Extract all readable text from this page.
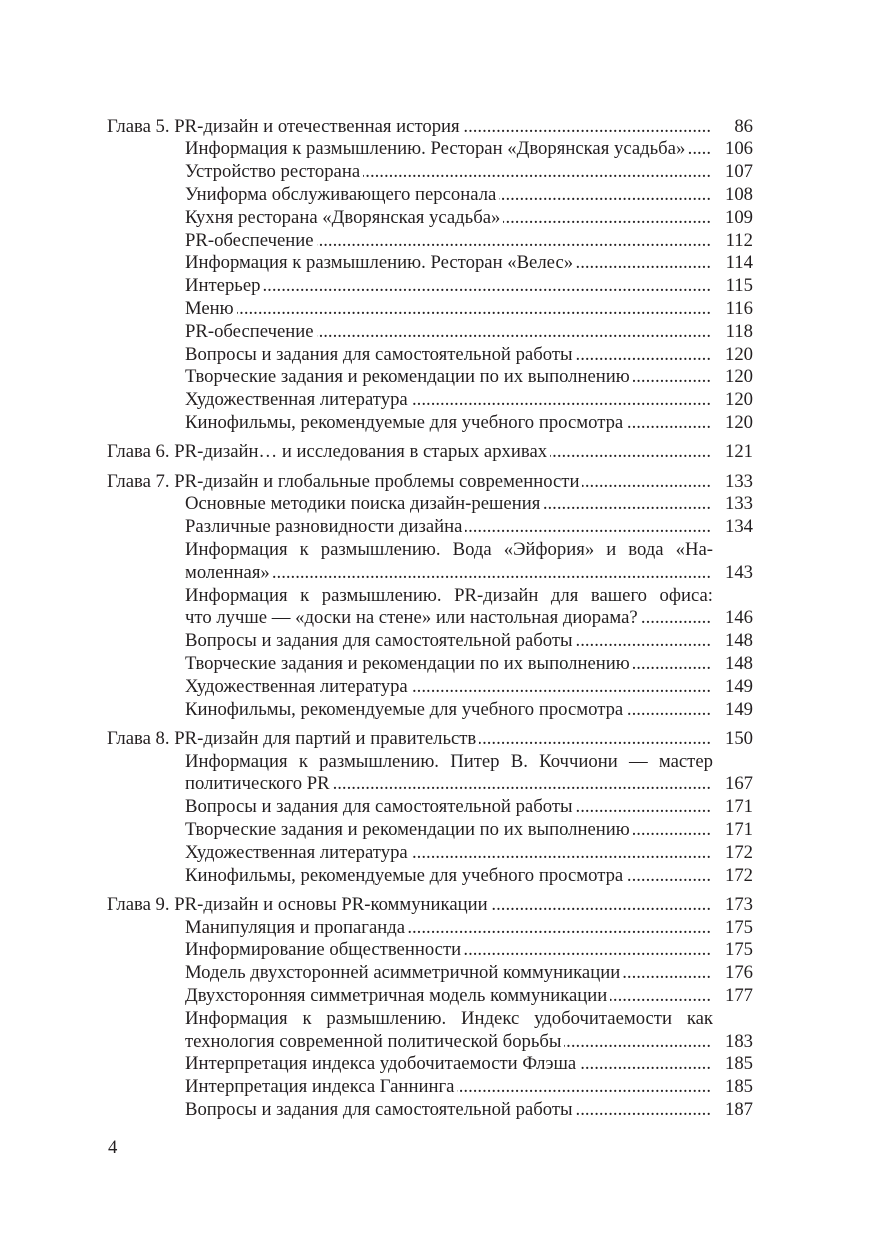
Глава 5. PR-дизайн и отечественная история .....	86
Информация к размышлению. Ресторан «Дворянская усадьба» .....	106
Устройство ресторана .....	107
Униформа обслуживающего персонала .....	108
Кухня ресторана «Дворянская усадьба» .....	109
PR-обеспечение .....	112
Информация к размышлению. Ресторан «Велес» .....	114
Интерьер .....	115
Меню .....	116
PR-обеспечение .....	118
Вопросы и задания для самостоятельной работы .....	120
Творческие задания и рекомендации по их выполнению .....	120
Художественная литература .....	120
Кинофильмы, рекомендуемые для учебного просмотра .....	120
Глава 6. PR-дизайн… и исследования в старых архивах .....	121
Глава 7. PR-дизайн и глобальные проблемы современности .....	133
Основные методики поиска дизайн-решения .....	133
Различные разновидности дизайна .....	134
Информация к размышлению. Вода «Эйфория» и вода «На-
моленная» .....	143
Информация к размышлению. PR-дизайн для вашего офиса:
что лучше — «доски на стене» или настольная диорама? .....	146
Вопросы и задания для самостоятельной работы .....	148
Творческие задания и рекомендации по их выполнению .....	148
Художественная литература .....	149
Кинофильмы, рекомендуемые для учебного просмотра .....	149
Глава 8. PR-дизайн для партий и правительств .....	150
Информация к размышлению. Питер В. Коччиони — мастер
политического PR .....	167
Вопросы и задания для самостоятельной работы .....	171
Творческие задания и рекомендации по их выполнению .....	171
Художественная литература .....	172
Кинофильмы, рекомендуемые для учебного просмотра .....	172
Глава 9. PR-дизайн и основы PR-коммуникации .....	173
Манипуляция и пропаганда .....	175
Информирование общественности .....	175
Модель двухсторонней асимметричной коммуникации .....	176
Двухсторонняя симметричная модель коммуникации .....	177
Информация к размышлению. Индекс удобочитаемости как
технология современной политической борьбы .....	183
Интерпретация индекса удобочитаемости Флэша .....	185
Интерпретация индекса Ганнинга .....	185
Вопросы и задания для самостоятельной работы .....	187
4
